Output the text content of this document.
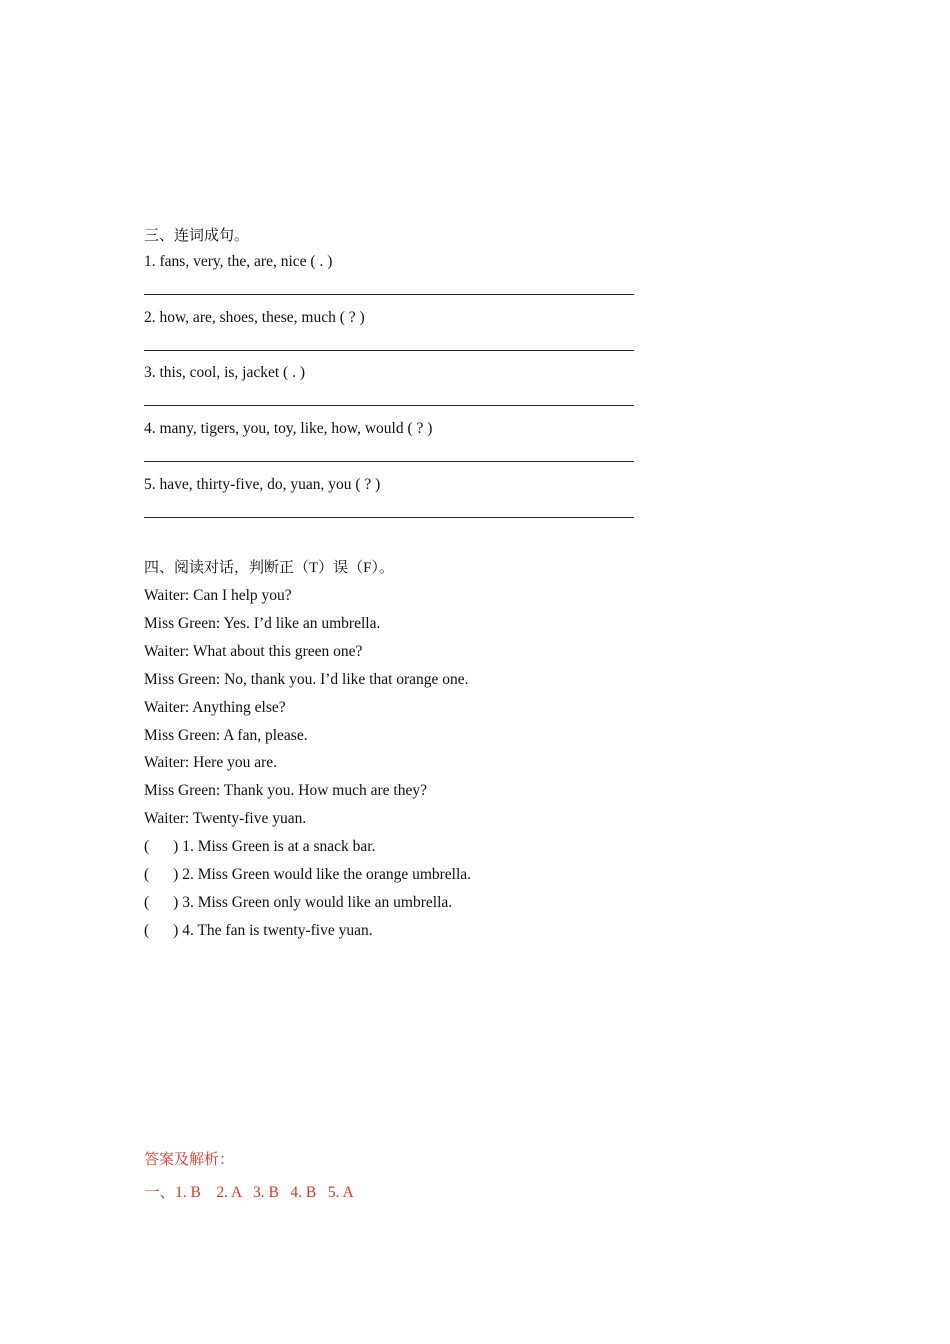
三、连词成句。
1. fans, very, the, are, nice ( . )
2. how, are, shoes, these, much ( ? )
3. this, cool, is, jacket ( . )
4. many, tigers, you, toy, like, how, would ( ? )
5. have, thirty-five, do, yuan, you ( ? )
四、阅读对话，判断正（T）误（F）。
Waiter: Can I help you?
Miss Green: Yes. I’d like an umbrella.
Waiter: What about this green one?
Miss Green: No, thank you. I’d like that orange one.
Waiter: Anything else?
Miss Green: A fan, please.
Waiter: Here you are.
Miss Green: Thank you. How much are they?
Waiter: Twenty-five yuan.
( ) 1. Miss Green is at a snack bar.
( ) 2. Miss Green would like the orange umbrella.
( ) 3. Miss Green only would like an umbrella.
( ) 4. The fan is twenty-five yuan.
答案及解析：
一、1. B    2. A   3. B   4. B   5. A
